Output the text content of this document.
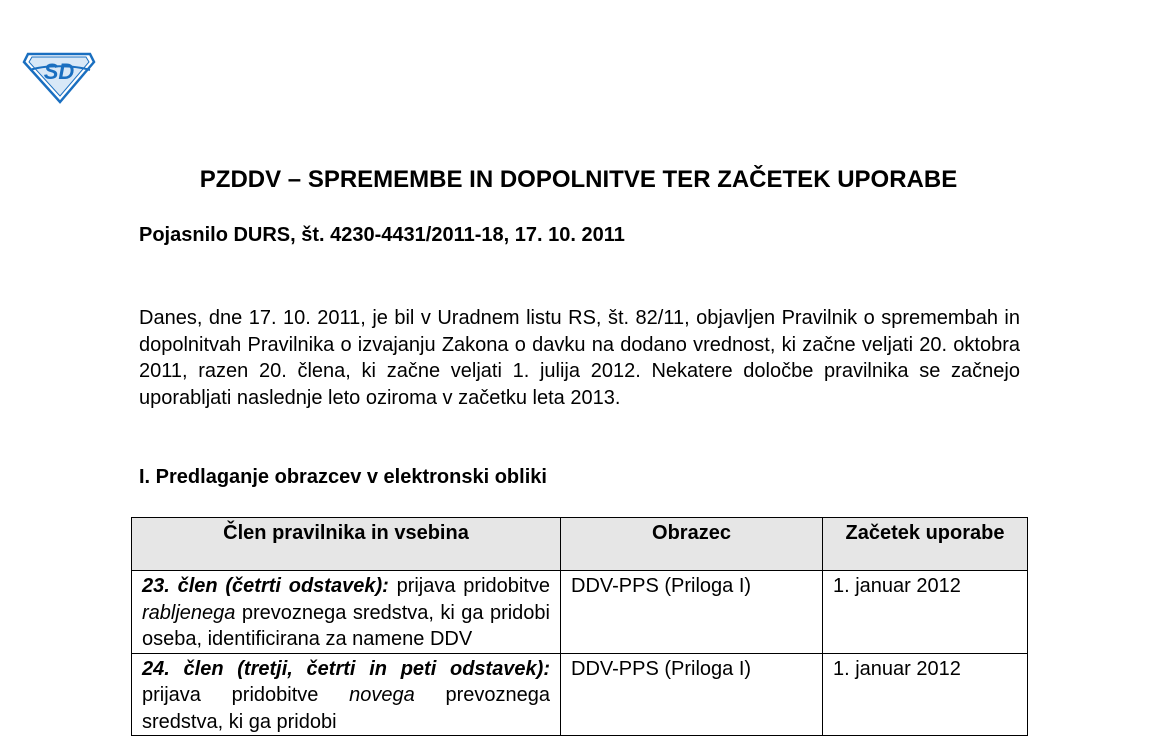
SD
PZDDV – SPREMEMBE IN DOPOLNITVE TER ZAČETEK UPORABE
Pojasnilo DURS, št. 4230-4431/2011-18, 17. 10. 2011
Danes, dne 17. 10. 2011, je bil v Uradnem listu RS, št. 82/11, objavljen Pravilnik o spremembah in dopolnitvah Pravilnika o izvajanju Zakona o davku na dodano vrednost, ki začne veljati 20. oktobra 2011, razen 20. člena, ki začne veljati 1. julija 2012. Nekatere določbe pravilnika se začnejo uporabljati naslednje leto oziroma v začetku leta 2013.
I. Predlaganje obrazcev v elektronski obliki
Člen pravilnika in vsebina	Obrazec	Začetek uporabe
23. člen (četrti odstavek): prijava pridobitve rabljenega prevoznega sredstva, ki ga pridobi oseba, identificirana za namene DDV	DDV-PPS (Priloga I)	1. januar 2012
24. člen (tretji, četrti in peti odstavek): prijava pridobitve novega prevoznega sredstva, ki ga pridobi	DDV-PPS (Priloga I)	1. januar 2012
